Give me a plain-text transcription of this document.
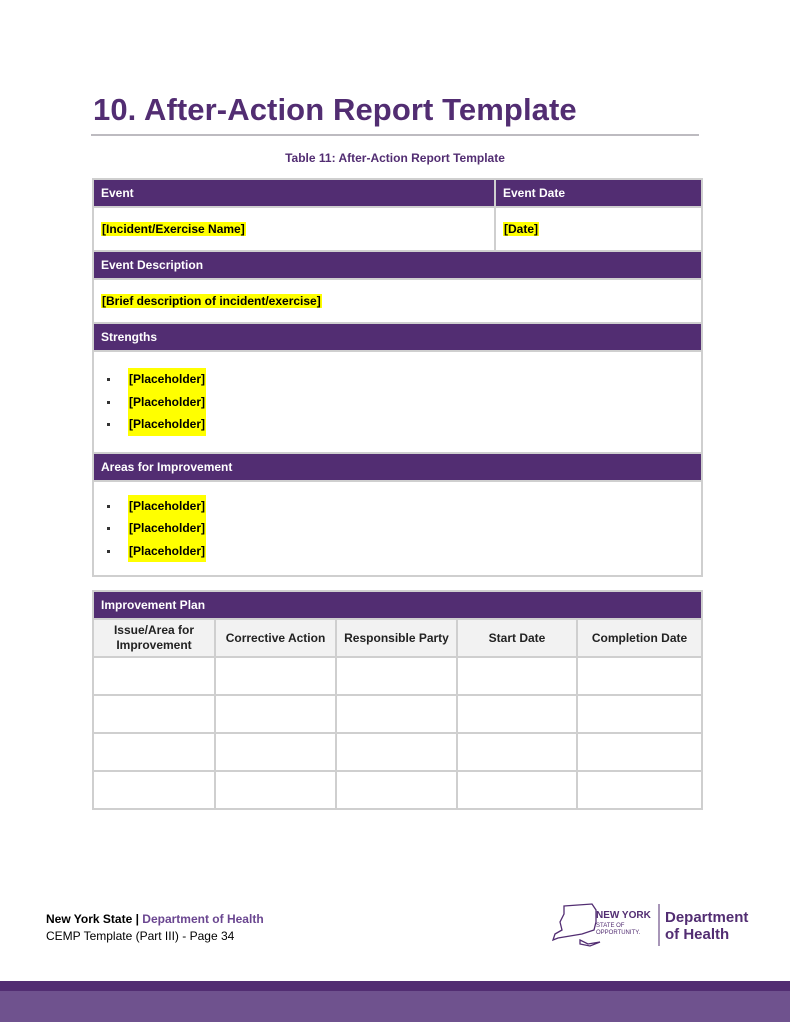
10. After-Action Report Template
Table 11: After-Action Report Template
Event	Event Date
[Incident/Exercise Name]	[Date]
Event Description	
[Brief description of incident/exercise]	
Strengths	

[Placeholder]
[Placeholder]
[Placeholder]

Areas for Improvement	

[Placeholder]
[Placeholder]
[Placeholder]
Improvement Plan				
Issue/Area for Improvement	Corrective Action	Responsible Party	Start Date	Completion Date

New York State | Department of Health
CEMP Template (Part III) - Page 34
NEW YORK
STATE OF
OPPORTUNITY.
Department
of Health
